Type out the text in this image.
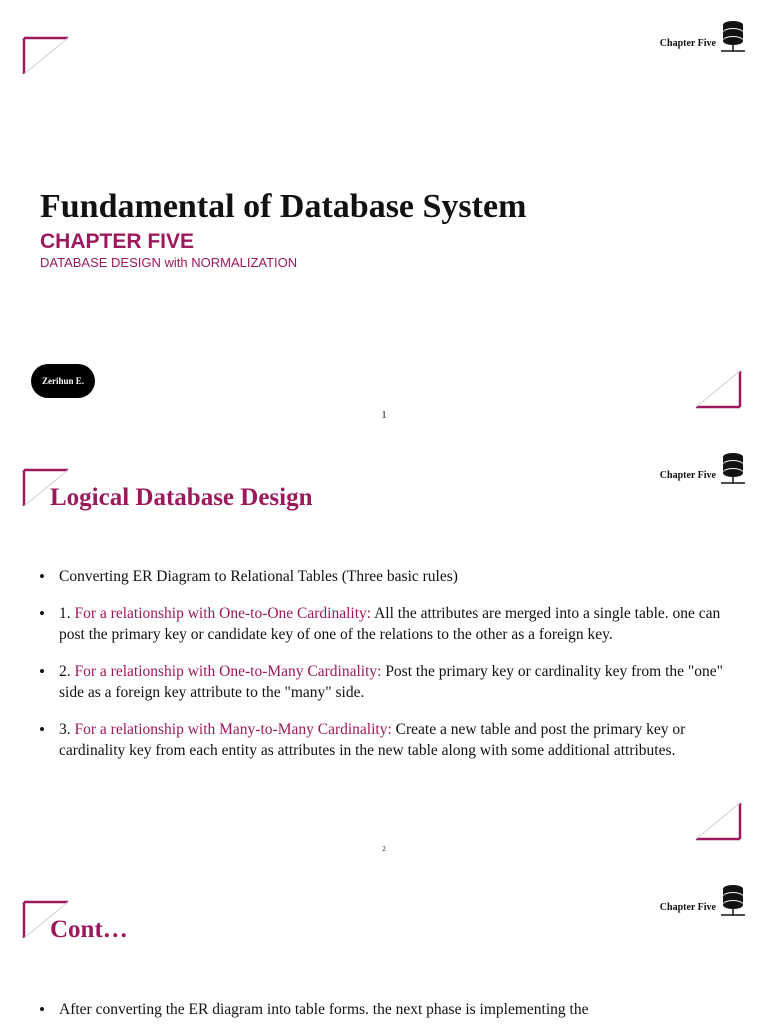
Chapter Five
Fundamental of Database System
CHAPTER FIVE
DATABASE DESIGN with NORMALIZATION
Zerihun E.
1
Chapter Five
Logical Database Design
• Converting ER Diagram to Relational Tables (Three basic rules)
• 1. For a relationship with One-to-One Cardinality: All the attributes are merged into a single table. one can post the primary key or candidate key of one of the relations to the other as a foreign key.
• 2. For a relationship with One-to-Many Cardinality: Post the primary key or cardinality key from the "one" side as a foreign key attribute to the "many" side.
• 3. For a relationship with Many-to-Many Cardinality: Create a new table and post the primary key or cardinality key from each entity as attributes in the new table along with some additional attributes.
2
Chapter Five
Cont…
• After converting the ER diagram into table forms. the next phase is implementing the
